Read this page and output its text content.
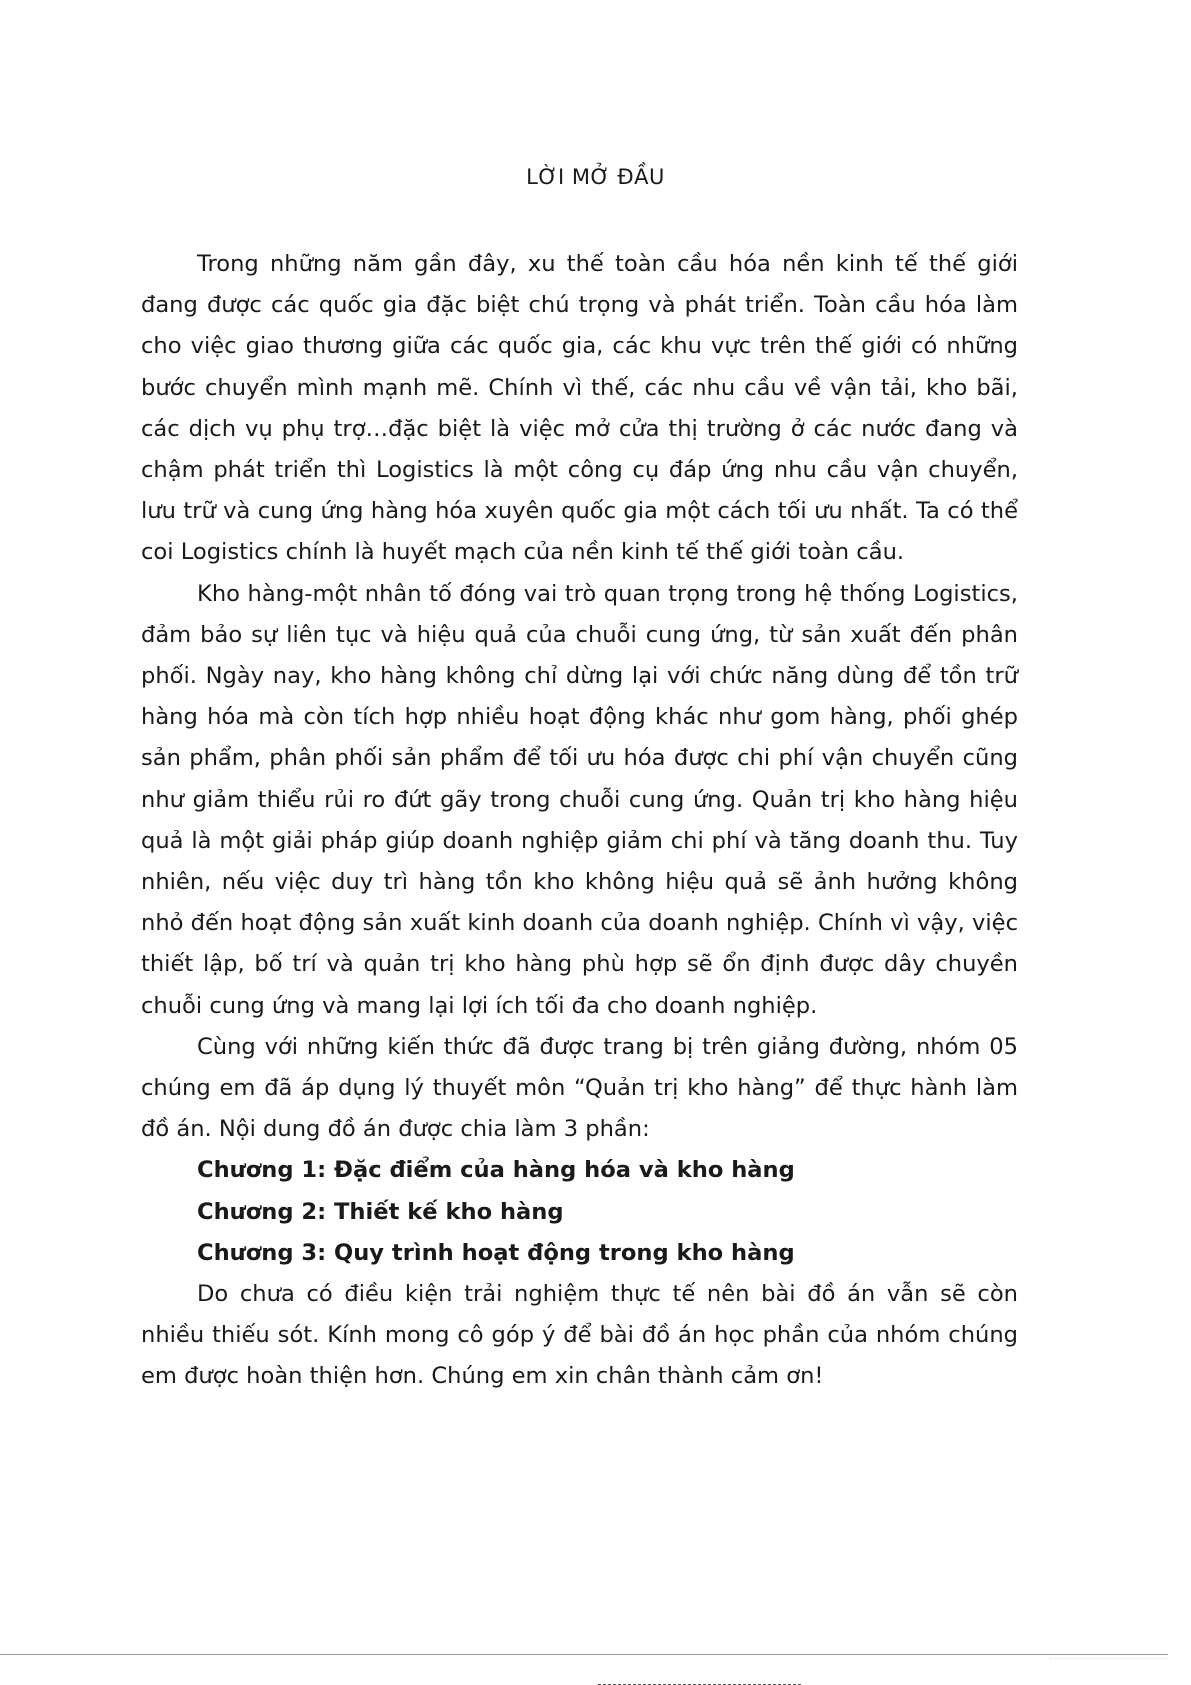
LỜI MỞ ĐẦU

Trong những năm gần đây, xu thế toàn cầu hóa nền kinh tế thế giới đang được các quốc gia đặc biệt chú trọng và phát triển. Toàn cầu hóa làm cho việc giao thương giữa các quốc gia, các khu vực trên thế giới có những bước chuyển mình mạnh mẽ. Chính vì thế, các nhu cầu về vận tải, kho bãi, các dịch vụ phụ trợ…đặc biệt là việc mở cửa thị trường ở các nước đang và chậm phát triển thì Logistics là một công cụ đáp ứng nhu cầu vận chuyển, lưu trữ và cung ứng hàng hóa xuyên quốc gia một cách tối ưu nhất. Ta có thể coi Logistics chính là huyết mạch của nền kinh tế thế giới toàn cầu.

Kho hàng-một nhân tố đóng vai trò quan trọng trong hệ thống Logistics, đảm bảo sự liên tục và hiệu quả của chuỗi cung ứng, từ sản xuất đến phân phối. Ngày nay, kho hàng không chỉ dừng lại với chức năng dùng để tồn trữ hàng hóa mà còn tích hợp nhiều hoạt động khác như gom hàng, phối ghép sản phẩm, phân phối sản phẩm để tối ưu hóa được chi phí vận chuyển cũng như giảm thiểu rủi ro đứt gãy trong chuỗi cung ứng. Quản trị kho hàng hiệu quả là một giải pháp giúp doanh nghiệp giảm chi phí và tăng doanh thu. Tuy nhiên, nếu việc duy trì hàng tồn kho không hiệu quả sẽ ảnh hưởng không nhỏ đến hoạt động sản xuất kinh doanh của doanh nghiệp. Chính vì vậy, việc thiết lập, bố trí và quản trị kho hàng phù hợp sẽ ổn định được dây chuyền chuỗi cung ứng và mang lại lợi ích tối đa cho doanh nghiệp.

Cùng với những kiến thức đã được trang bị trên giảng đường, nhóm 05 chúng em đã áp dụng lý thuyết môn “Quản trị kho hàng” để thực hành làm đồ án. Nội dung đồ án được chia làm 3 phần:

Chương 1: Đặc điểm của hàng hóa và kho hàng

Chương 2: Thiết kế kho hàng

Chương 3: Quy trình hoạt động trong kho hàng

Do chưa có điều kiện trải nghiệm thực tế nên bài đồ án vẫn sẽ còn nhiều thiếu sót. Kính mong cô góp ý để bài đồ án học phần của nhóm chúng em được hoàn thiện hơn. Chúng em xin chân thành cảm ơn!
